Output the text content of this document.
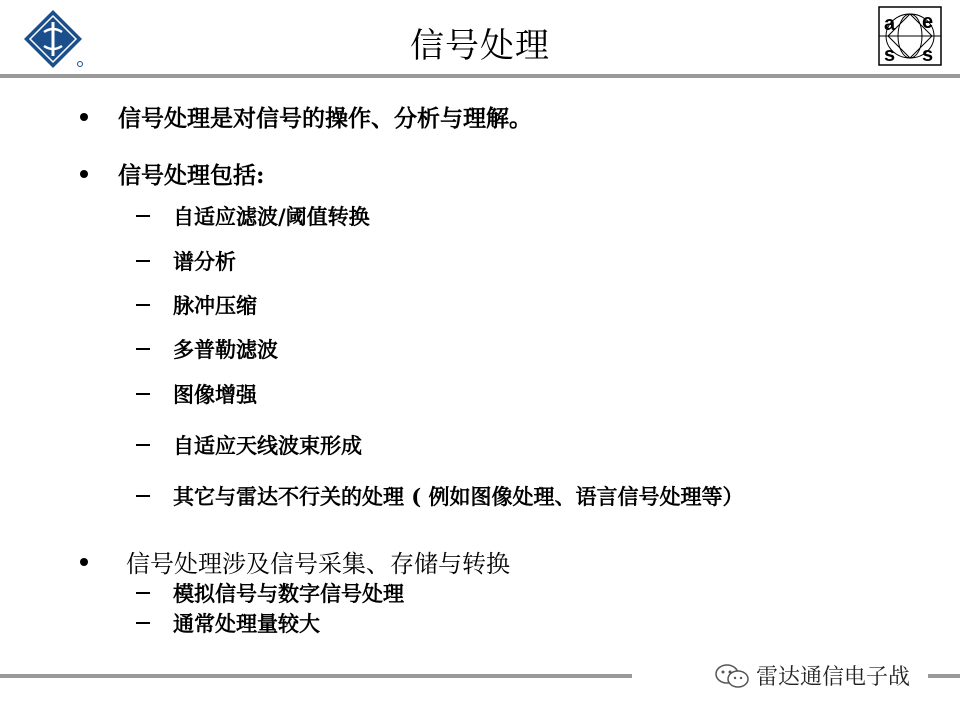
信号处理
a e
s s
信号处理是对信号的操作、分析与理解。
信号处理包括:
自适应滤波/阈值转换
谱分析
脉冲压缩
多普勒滤波
图像增强
自适应天线波束形成
其它与雷达不行关的处理 ( 例如图像处理、语言信号处理等）
信号处理涉及信号采集、存储与转换
模拟信号与数字信号处理
通常处理量较大
雷达通信电子战
